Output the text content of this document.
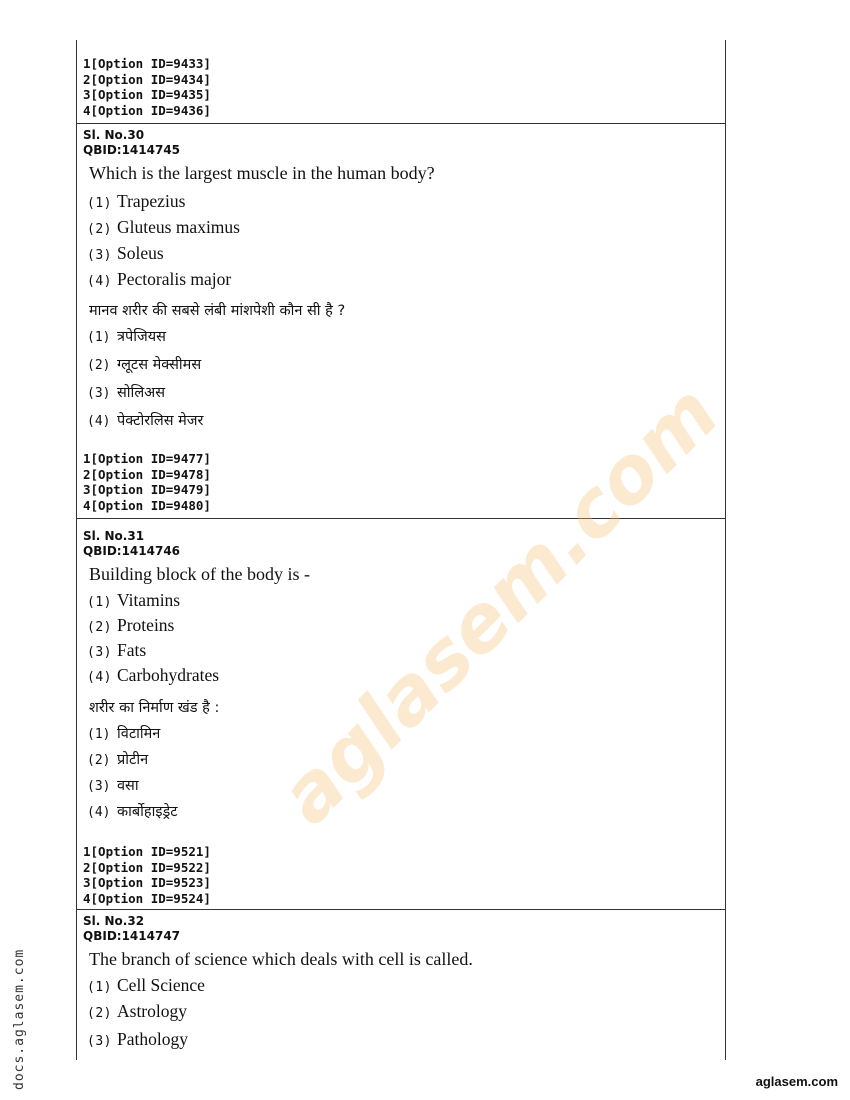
1[Option ID=9433]
2[Option ID=9434]
3[Option ID=9435]
4[Option ID=9436]
Sl. No.30
QBID:1414745
Which is the largest muscle in the human body?
(1) Trapezius
(2) Gluteus maximus
(3) Soleus
(4) Pectoralis major
मानव शरीर की सबसे लंबी मांशपेशी कौन सी है ?
(1) त्रपेजियस
(2) ग्लूटस मेक्सीमस
(3) सोलिअस
(4) पेक्टोरलिस मेजर
1[Option ID=9477]
2[Option ID=9478]
3[Option ID=9479]
4[Option ID=9480]
Sl. No.31
QBID:1414746
Building block of the body is -
(1) Vitamins
(2) Proteins
(3) Fats
(4) Carbohydrates
शरीर का निर्माण खंड है :
(1) विटामिन
(2) प्रोटीन
(3) वसा
(4) कार्बोहाइड्रेट
1[Option ID=9521]
2[Option ID=9522]
3[Option ID=9523]
4[Option ID=9524]
Sl. No.32
QBID:1414747
The branch of science which deals with cell is called.
(1) Cell Science
(2) Astrology
(3) Pathology
aglasem.com
docs.aglasem.com	aglasem.com
